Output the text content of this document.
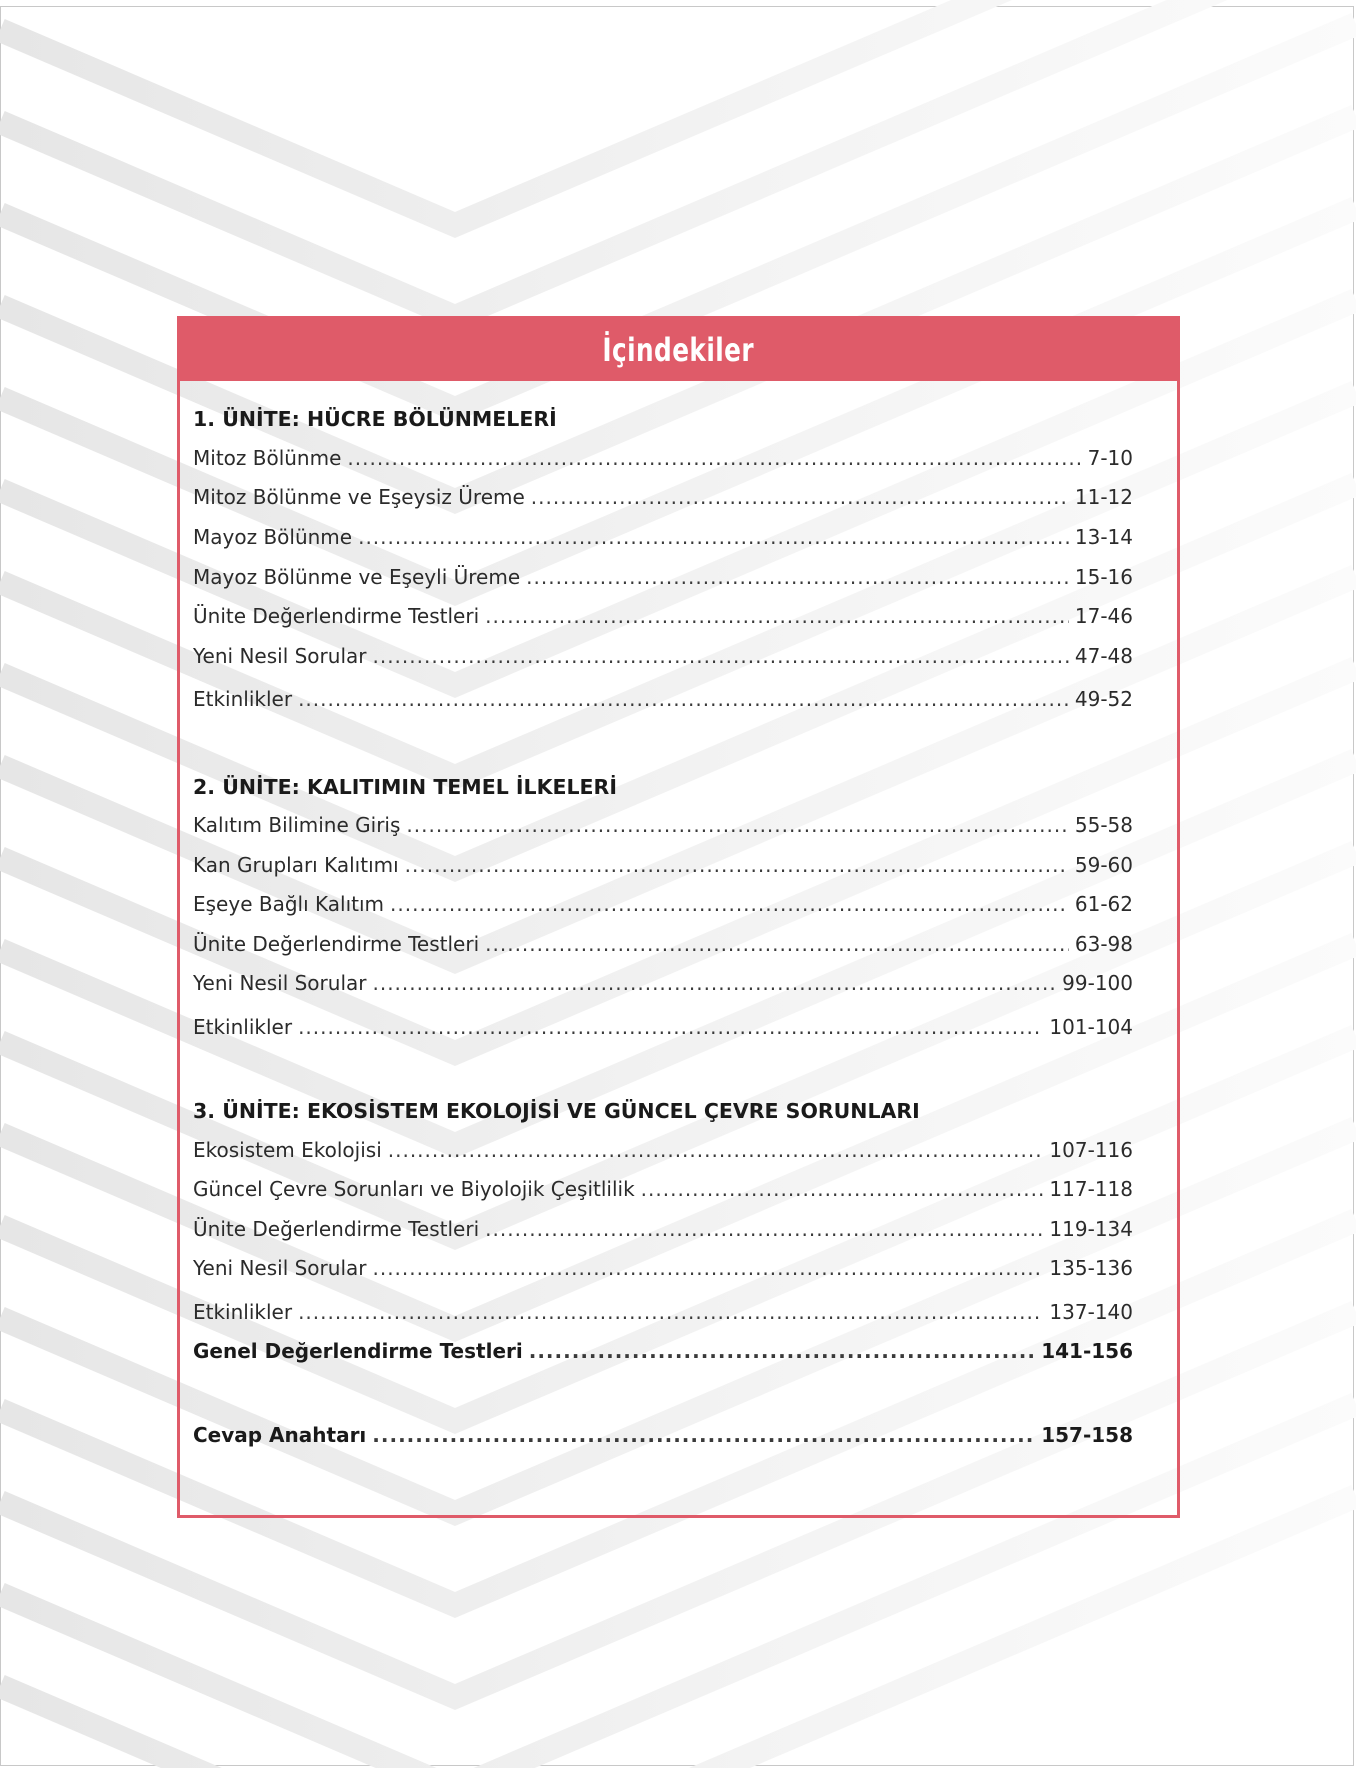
İçindekiler
1. ÜNİTE: HÜCRE BÖLÜNMELERİ
Mitoz Bölünme .....	7-10
Mitoz Bölünme ve Eşeysiz Üreme .....	11-12
Mayoz Bölünme .....	13-14
Mayoz Bölünme ve Eşeyli Üreme .....	15-16
Ünite Değerlendirme Testleri .....	17-46
Yeni Nesil Sorular .....	47-48
Etkinlikler .....	49-52
2. ÜNİTE: KALITIMIN TEMEL İLKELERİ
Kalıtım Bilimine Giriş .....	55-58
Kan Grupları Kalıtımı .....	59-60
Eşeye Bağlı Kalıtım .....	61-62
Ünite Değerlendirme Testleri .....	63-98
Yeni Nesil Sorular .....	99-100
Etkinlikler .....	101-104
3. ÜNİTE: EKOSİSTEM EKOLOJİSİ VE GÜNCEL ÇEVRE SORUNLARI
Ekosistem Ekolojisi .....	107-116
Güncel Çevre Sorunları ve Biyolojik Çeşitlilik .....	117-118
Ünite Değerlendirme Testleri .....	119-134
Yeni Nesil Sorular .....	135-136
Etkinlikler .....	137-140
Genel Değerlendirme Testleri .....	141-156
Cevap Anahtarı .....	157-158
